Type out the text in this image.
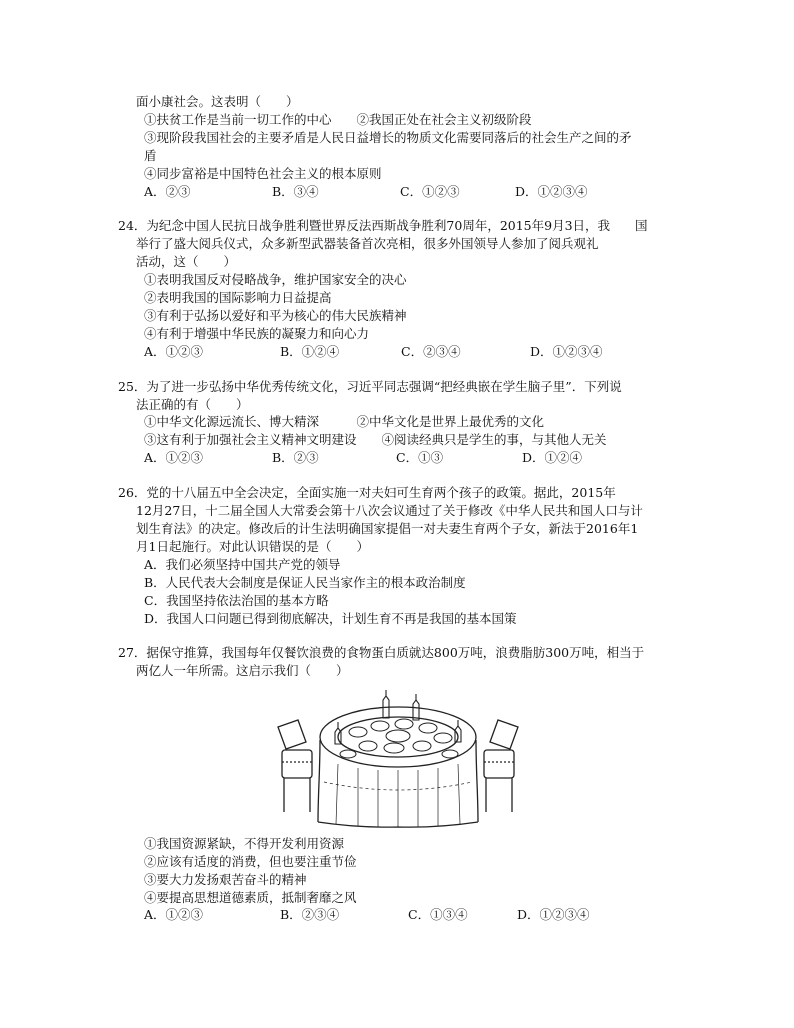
面小康社会。这表明（　　）
①扶贫工作是当前一切工作的中心　　②我国正处在社会主义初级阶段
③现阶段我国社会的主要矛盾是人民日益增长的物质文化需要同落后的社会生产之间的矛
盾
④同步富裕是中国特色社会主义的根本原则
A．②③	B．③④	C．①②③	D．①②③④
24．为纪念中国人民抗日战争胜利暨世界反法西斯战争胜利70周年，2015年9月3日，我　　国
举行了盛大阅兵仪式，众多新型武器装备首次亮相，很多外国领导人参加了阅兵观礼
活动，这（　　）
①表明我国反对侵略战争，维护国家安全的决心
②表明我国的国际影响力日益提高
③有利于弘扬以爱好和平为核心的伟大民族精神
④有利于增强中华民族的凝聚力和向心力
A．①②③	B．①②④	C．②③④	D．①②③④
25．为了进一步弘扬中华优秀传统文化，习近平同志强调“把经典嵌在学生脑子里”．下列说
法正确的有（　　）
①中华文化源远流长、博大精深　　　②中华文化是世界上最优秀的文化
③这有利于加强社会主义精神文明建设　　④阅读经典只是学生的事，与其他人无关
A．①②③	B．②③	C．①③	D．①②④
26．党的十八届五中全会决定，全面实施一对夫妇可生育两个孩子的政策。据此，2015年
12月27日，十二届全国人大常委会第十八次会议通过了关于修改《中华人民共和国人口与计
划生育法》的决定。修改后的计生法明确国家提倡一对夫妻生育两个子女，新法于2016年1
月1日起施行。对此认识错误的是（　　）
A．我们必须坚持中国共产党的领导
B．人民代表大会制度是保证人民当家作主的根本政治制度
C．我国坚持依法治国的基本方略
D．我国人口问题已得到彻底解决，计划生育不再是我国的基本国策
27．据保守推算，我国每年仅餐饮浪费的食物蛋白质就达800万吨，浪费脂肪300万吨，相当于
两亿人一年所需。这启示我们（　　）
①我国资源紧缺，不得开发利用资源
②应该有适度的消费，但也要注重节俭
③要大力发扬艰苦奋斗的精神
④要提高思想道德素质，抵制奢靡之风
A．①②③	B．②③④	C．①③④	D．①②③④
